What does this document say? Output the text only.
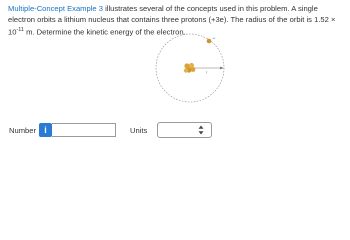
Multiple-Concept Example 3 illustrates several of the concepts used in this problem. A single electron orbits a lithium nucleus that contains three protons (+3e). The radius of the orbit is $1.52 \times 10^{-11}$ m. Determine the kinetic energy of the electron.

r
-e
Number i	Units
